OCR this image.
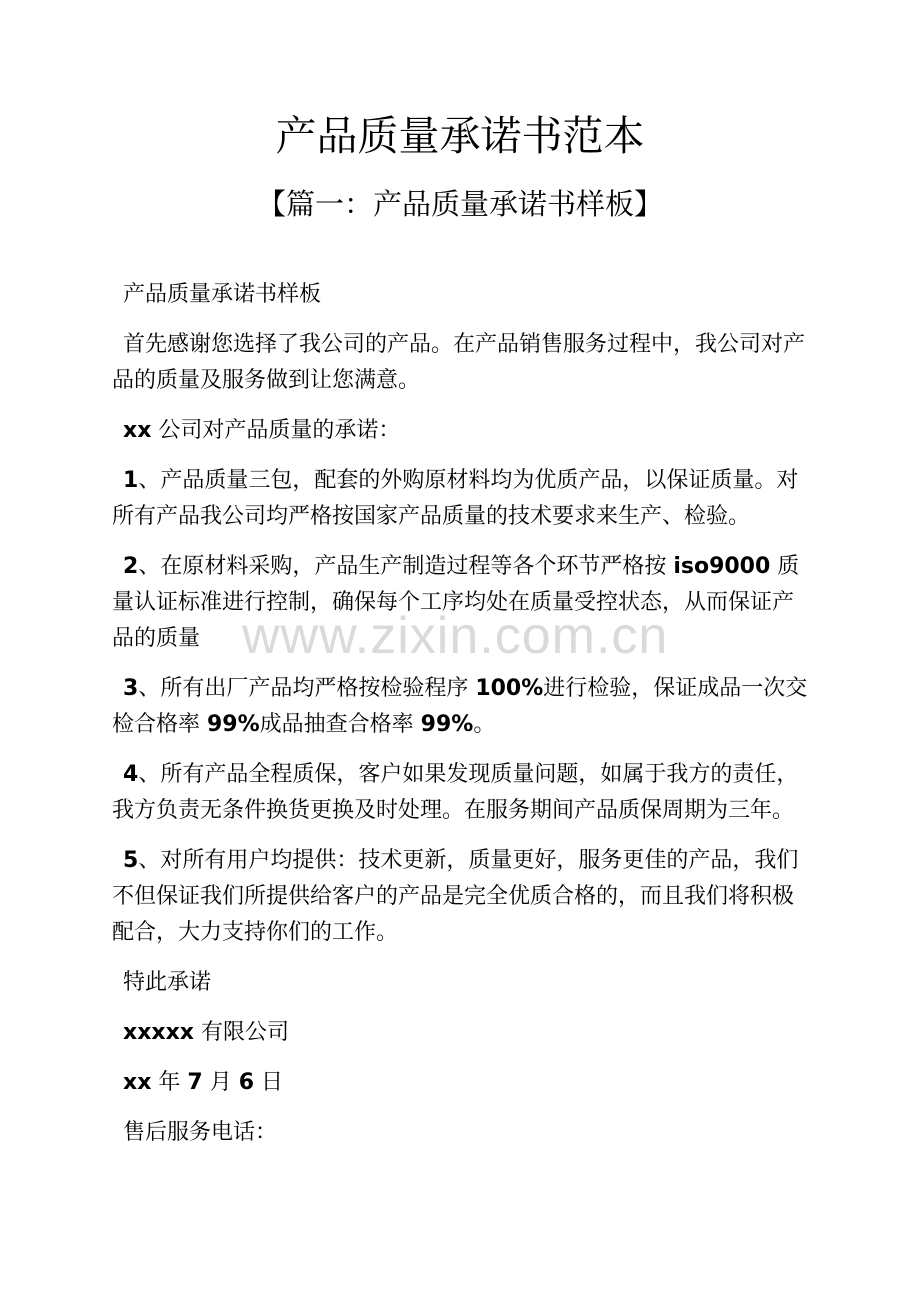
产品质量承诺书范本
【篇一：产品质量承诺书样板】

产品质量承诺书样板

首先感谢您选择了我公司的产品。在产品销售服务过程中，我公司对产品的质量及服务做到让您满意。

xx 公司对产品质量的承诺：

1、产品质量三包，配套的外购原材料均为优质产品，以保证质量。对所有产品我公司均严格按国家产品质量的技术要求来生产、检验。

2、在原材料采购，产品生产制造过程等各个环节严格按 iso9000 质量认证标准进行控制，确保每个工序均处在质量受控状态，从而保证产品的质量

3、所有出厂产品均严格按检验程序 100%进行检验，保证成品一次交检合格率 99%成品抽查合格率 99%。

4、所有产品全程质保，客户如果发现质量问题，如属于我方的责任，我方负责无条件换货更换及时处理。在服务期间产品质保周期为三年。

5、对所有用户均提供：技术更新，质量更好，服务更佳的产品，我们不但保证我们所提供给客户的产品是完全优质合格的，而且我们将积极配合，大力支持你们的工作。

特此承诺

xxxxx 有限公司

xx 年 7 月 6 日

售后服务电话：

www.zixin.com.cn
